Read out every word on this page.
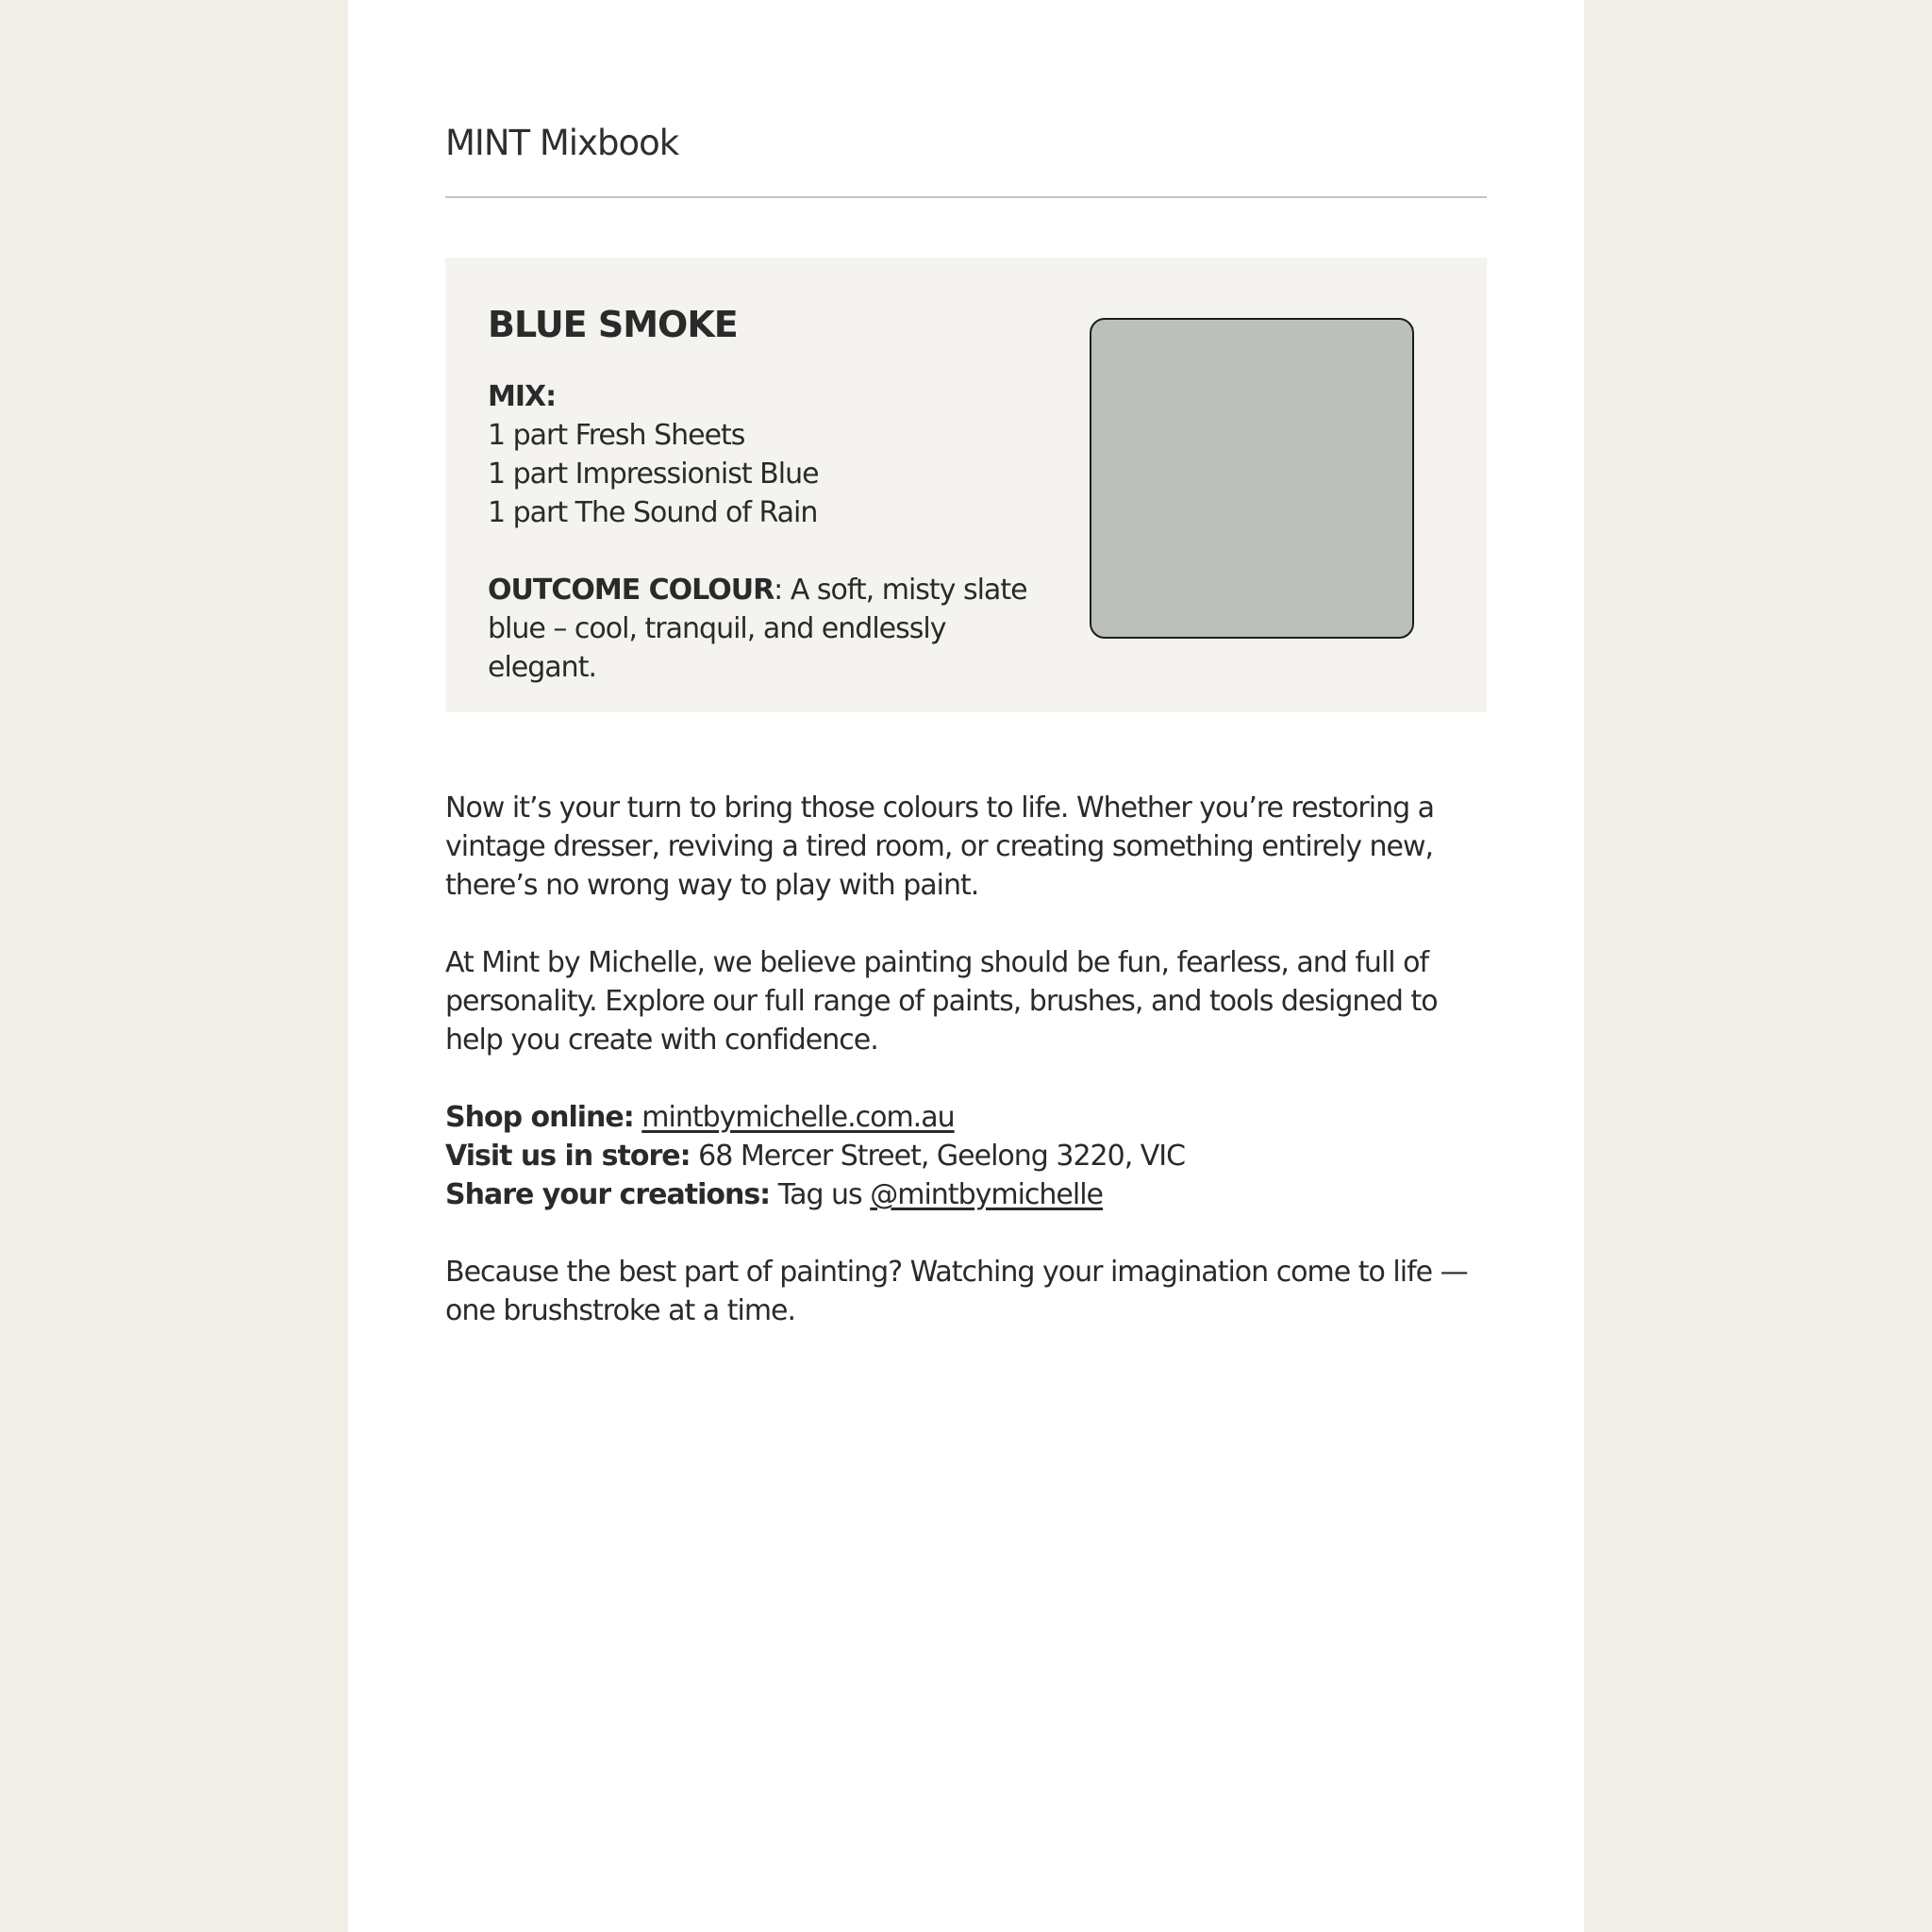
MINT Mixbook
BLUE SMOKE
MIX:
1 part Fresh Sheets
1 part Impressionist Blue
1 part The Sound of Rain
OUTCOME COLOUR: A soft, misty slate blue – cool, tranquil, and endlessly elegant.

Now it’s your turn to bring those colours to life. Whether you’re restoring a vintage dresser, reviving a tired room, or creating something entirely new, there’s no wrong way to play with paint.

At Mint by Michelle, we believe painting should be fun, fearless, and full of personality. Explore our full range of paints, brushes, and tools designed to help you create with confidence.

Shop online: mintbymichelle.com.au
Visit us in store: 68 Mercer Street, Geelong 3220, VIC
Share your creations: Tag us @mintbymichelle

Because the best part of painting? Watching your imagination come to life — one brushstroke at a time.
